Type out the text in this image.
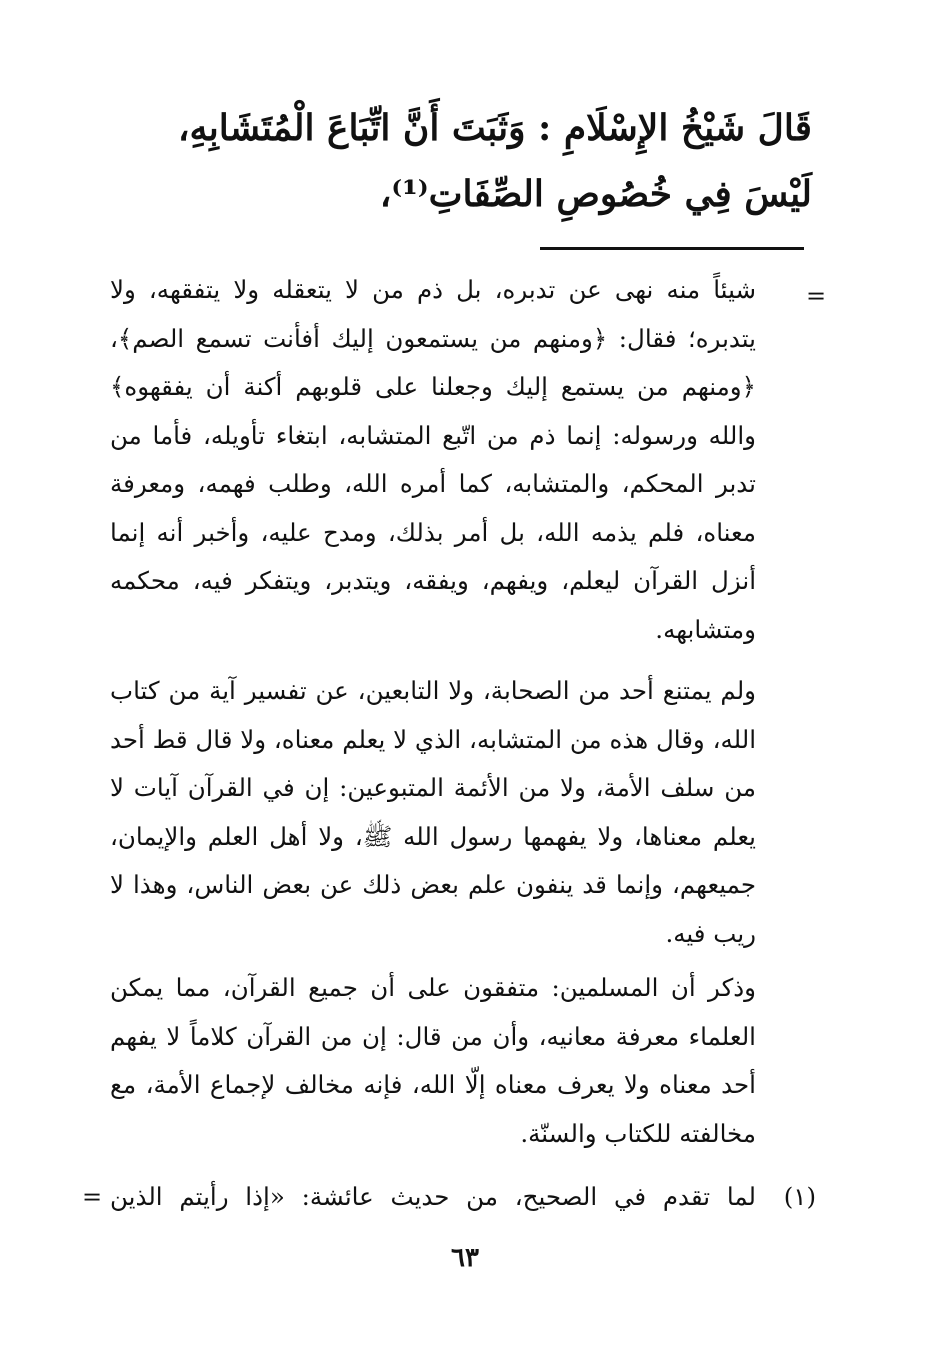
قَالَ شَيْخُ الإِسْلَامِ : وَثَبَتَ أَنَّ اتِّبَاعَ الْمُتَشَابِهِ، لَيْسَ فِي خُصُوصِ الصِّفَاتِ⁽¹⁾،
=
شيئاً منه نهى عن تدبره، بل ذم من لا يتعقله ولا يتفقهه، ولا يتدبره؛ فقال: ﴿ومنهم من يستمعون إليك أفأنت تسمع الصم﴾، ﴿ومنهم من يستمع إليك وجعلنا على قلوبهم أكنة أن يفقهوه﴾ والله ورسوله: إنما ذم من اتّبع المتشابه، ابتغاء تأويله، فأما من تدبر المحكم، والمتشابه، كما أمره الله، وطلب فهمه، ومعرفة معناه، فلم يذمه الله، بل أمر بذلك، ومدح عليه، وأخبر أنه إنما أنزل القرآن ليعلم، ويفهم، ويفقه، ويتدبر، ويتفكر فيه، محكمه ومتشابهه.
ولم يمتنع أحد من الصحابة، ولا التابعين، عن تفسير آية من كتاب الله، وقال هذه من المتشابه، الذي لا يعلم معناه، ولا قال قط أحد من سلف الأمة، ولا من الأئمة المتبوعين: إن في القرآن آيات لا يعلم معناها، ولا يفهمها رسول الله ﷺ، ولا أهل العلم والإيمان، جميعهم، وإنما قد ينفون علم بعض ذلك عن بعض الناس، وهذا لا ريب فيه.
وذكر أن المسلمين: متفقون على أن جميع القرآن، مما يمكن العلماء معرفة معانيه، وأن من قال: إن من القرآن كلاماً لا يفهم أحد معناه ولا يعرف معناه إلّا الله، فإنه مخالف لإجماع الأمة، مع مخالفته للكتاب والسنّة.
(١)
لما تقدم في الصحيح، من حديث عائشة: «إذا رأيتم الذين
=
٦٣
